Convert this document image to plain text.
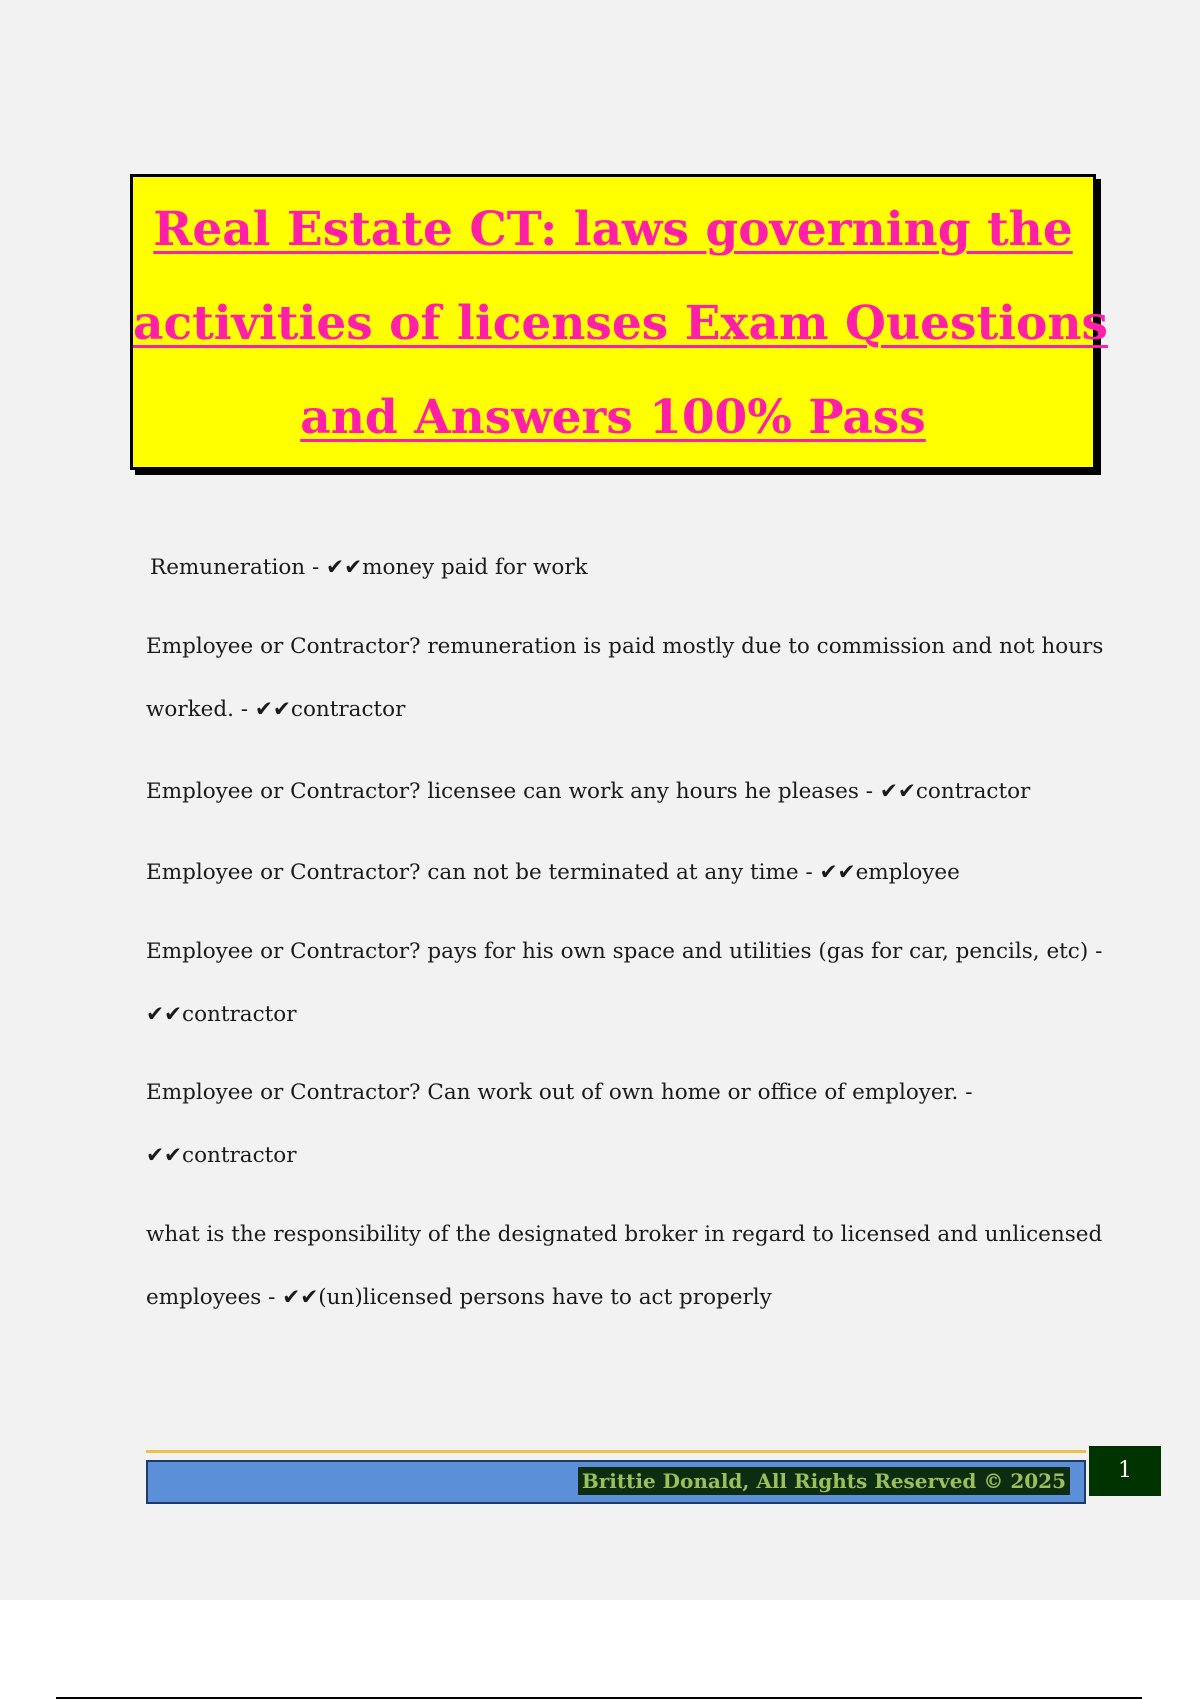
Real Estate CT: laws governing the
activities of licenses Exam Questions
and Answers 100% Pass

Remuneration - ✔✔money paid for work

Employee or Contractor? remuneration is paid mostly due to commission and not hours

worked. - ✔✔contractor

Employee or Contractor? licensee can work any hours he pleases - ✔✔contractor

Employee or Contractor? can not be terminated at any time - ✔✔employee

Employee or Contractor? pays for his own space and utilities (gas for car, pencils, etc) -

✔✔contractor

Employee or Contractor? Can work out of own home or office of employer. -

✔✔contractor

what is the responsibility of the designated broker in regard to licensed and unlicensed

employees - ✔✔(un)licensed persons have to act properly

Brittie Donald, All Rights Reserved © 2025	1
